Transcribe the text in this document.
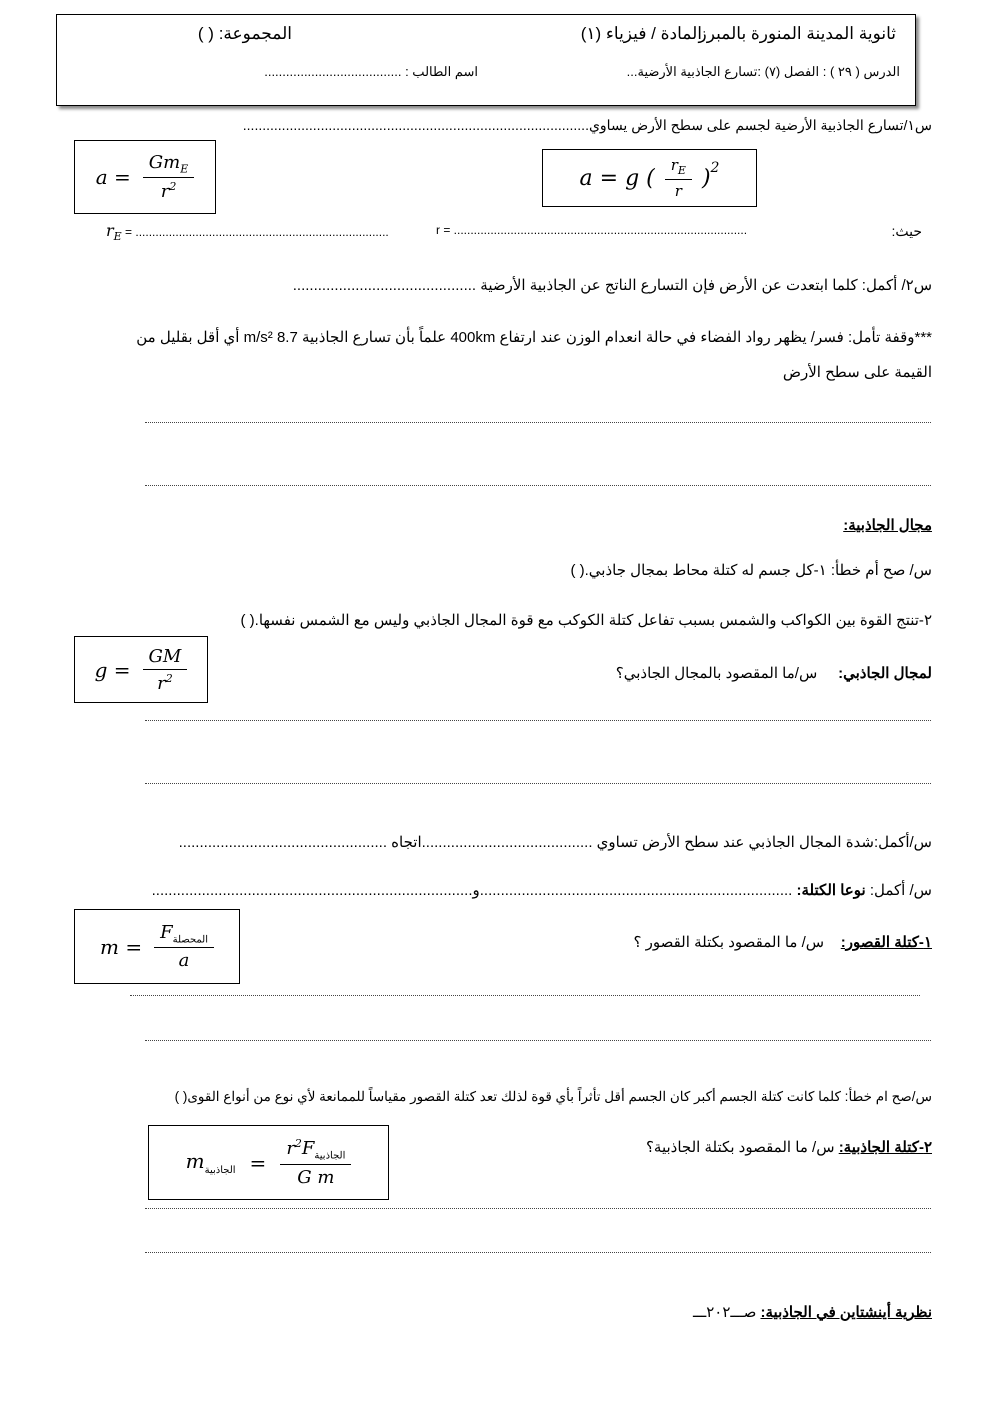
ثانوية المدينة المنورة بالمبرز
المادة / فيزياء (١)
المجموعة: ( )
الدرس ( ٢٩ ) : الفصل (٧) :تسارع الجاذبية الأرضية...
اسم الطالب : ......................................
س١/تسارع الجاذبية الأرضية لجسم على سطح الأرض يساوي.........................................................................................
$a = \frac{Gm_E}{r^2}$	a = g ( $\frac{r_E}{r} )^2$
حيث:
r = ........................................................................................
$r_E$ = ............................................................................
س٢/ أكمل: كلما ابتعدت عن الأرض فإن التسارع الناتج عن الجاذبية الأرضية ............................................
***وقفة تأمل: فسر/ يظهر رواد الفضاء في حالة انعدام الوزن عند ارتفاع 400km علماً بأن تسارع الجاذبية 8.7 m/s² أي أقل بقليل من
القيمة على سطح الأرض
مجال الجاذبية:
س/ صح أم خطأ: ١-كل جسم له كتلة محاط بمجال جاذبي.( )
٢-تنتج القوة بين الكواكب والشمس بسبب تفاعل كتلة الكوكب مع قوة المجال الجاذبي وليس مع الشمس نفسها.( )
$g = \frac{GM}{r^2}$	لمجال الجاذبي:     س/ما المقصود بالمجال الجاذبي؟
س/أكمل:شدة المجال الجاذبي عند سطح الأرض تساوي .........................................اتجاه ..................................................
س/ أكمل: نوعا الكتلة: ...........................................................................و.............................................................................
$m = \frac{F_{المحصلة}}{a}$	١-كتلة القصور:    س/ ما المقصود بكتلة القصور ؟
س/صح ام خطأ: كلما كانت كتلة الجسم أكبر كان الجسم أقل تأثراً بأي قوة لذلك تعد كتلة القصور مقياساً للممانعة لأي نوع من أنواع القوى( )
$m_{الجاذبية} = \frac{r^2F_{الجاذبية}}{\text{G m}}$	٢-كتلة الجاذبية: س/ ما المقصود بكتلة الجاذبية؟
نظرية أينشتاين في الجاذبية: صـــ٢٠٢ـــ
